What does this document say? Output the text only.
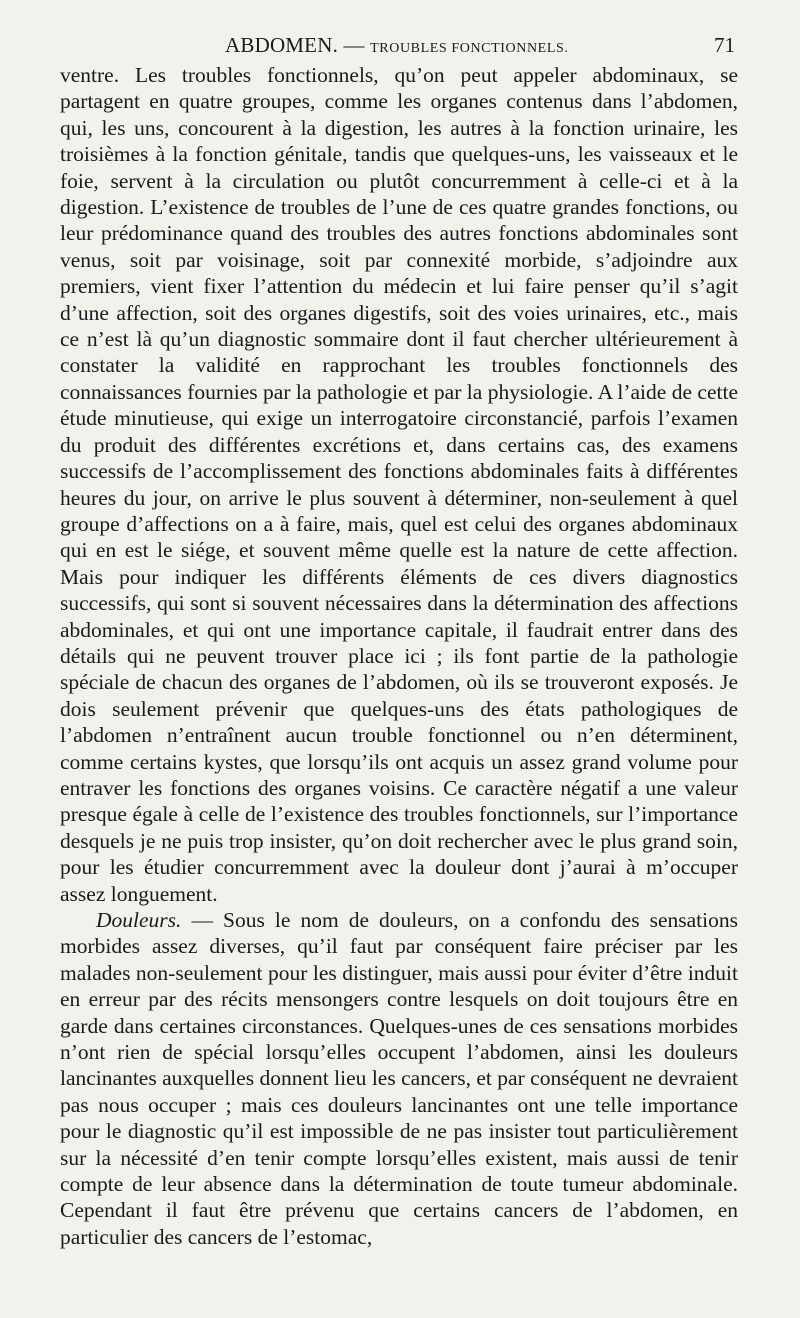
ABDOMEN. — TROUBLES FONCTIONNELS.	71

ventre. Les troubles fonctionnels, qu’on peut appeler abdominaux, se partagent en quatre groupes, comme les organes contenus dans l’abdomen, qui, les uns, concourent à la digestion, les autres à la fonction urinaire, les troisièmes à la fonction génitale, tandis que quelques-uns, les vaisseaux et le foie, servent à la circulation ou plutôt concurremment à celle-ci et à la digestion. L’existence de troubles de l’une de ces quatre grandes fonctions, ou leur prédominance quand des troubles des autres fonctions abdominales sont venus, soit par voisinage, soit par connexité morbide, s’adjoindre aux premiers, vient fixer l’attention du médecin et lui faire penser qu’il s’agit d’une affection, soit des organes digestifs, soit des voies urinaires, etc., mais ce n’est là qu’un diagnostic sommaire dont il faut chercher ultérieurement à constater la validité en rapprochant les troubles fonctionnels des connaissances fournies par la pathologie et par la physiologie. A l’aide de cette étude minutieuse, qui exige un interrogatoire circonstancié, parfois l’examen du produit des différentes excrétions et, dans certains cas, des examens successifs de l’accomplissement des fonctions abdominales faits à différentes heures du jour, on arrive le plus souvent à déterminer, non-seulement à quel groupe d’affections on a à faire, mais, quel est celui des organes abdominaux qui en est le siége, et souvent même quelle est la nature de cette affection. Mais pour indiquer les différents éléments de ces divers diagnostics successifs, qui sont si souvent nécessaires dans la détermination des affections abdominales, et qui ont une importance capitale, il faudrait entrer dans des détails qui ne peuvent trouver place ici ; ils font partie de la pathologie spéciale de chacun des organes de l’abdomen, où ils se trouveront exposés. Je dois seulement prévenir que quelques-uns des états pathologiques de l’abdomen n’entraînent aucun trouble fonctionnel ou n’en déterminent, comme certains kystes, que lorsqu’ils ont acquis un assez grand volume pour entraver les fonctions des organes voisins. Ce caractère négatif a une valeur presque égale à celle de l’existence des troubles fonctionnels, sur l’importance desquels je ne puis trop insister, qu’on doit rechercher avec le plus grand soin, pour les étudier concurremment avec la douleur dont j’aurai à m’occuper assez longuement.

Douleurs. — Sous le nom de douleurs, on a confondu des sensations morbides assez diverses, qu’il faut par conséquent faire préciser par les malades non-seulement pour les distinguer, mais aussi pour éviter d’être induit en erreur par des récits mensongers contre lesquels on doit toujours être en garde dans certaines circonstances. Quelques-unes de ces sensations morbides n’ont rien de spécial lorsqu’elles occupent l’abdomen, ainsi les douleurs lancinantes auxquelles donnent lieu les cancers, et par conséquent ne devraient pas nous occuper ; mais ces douleurs lancinantes ont une telle importance pour le diagnostic qu’il est impossible de ne pas insister tout particulièrement sur la nécessité d’en tenir compte lorsqu’elles existent, mais aussi de tenir compte de leur absence dans la détermination de toute tumeur abdominale. Cependant il faut être prévenu que certains cancers de l’abdomen, en particulier des cancers de l’estomac,
